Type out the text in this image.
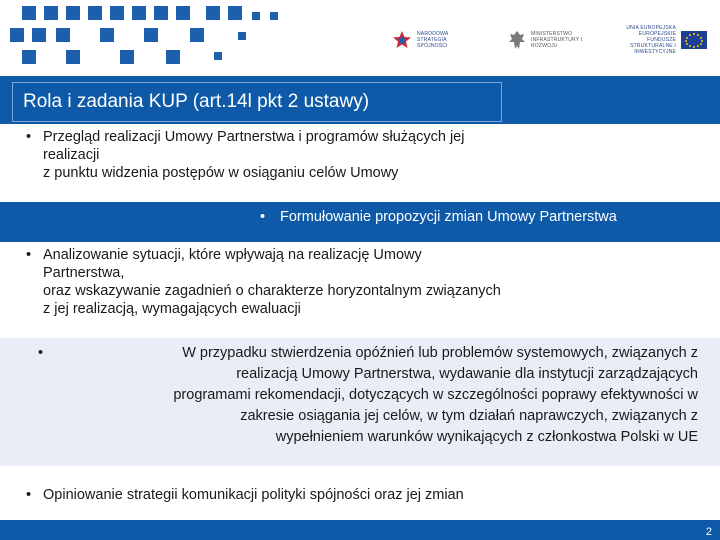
NARODOWA STRATEGIA SPÓJNOŚCI
MINISTERSTWO INFRASTRUKTURY I ROZWOJU
UNIA EUROPEJSKA EUROPEJSKIE FUNDUSZE STRUKTURALNE I INWESTYCYJNE
Rola i zadania KUP (art.14l pkt 2 ustawy)
• Przegląd realizacji Umowy Partnerstwa i programów służących jej
realizacji
z punktu widzenia postępów w osiąganiu celów Umowy
• Formułowanie propozycji zmian Umowy Partnerstwa
• Analizowanie sytuacji, które wpływają na realizację Umowy
Partnerstwa,
oraz wskazywanie zagadnień o charakterze horyzontalnym związanych
z jej realizacją, wymagających ewaluacji
•	W przypadku stwierdzenia opóźnień lub problemów systemowych, związanych z
realizacją Umowy Partnerstwa, wydawanie dla instytucji zarządzających
programami rekomendacji, dotyczących w szczególności poprawy efektywności w
zakresie osiągania jej celów, w tym działań naprawczych, związanych z
wypełnieniem warunków wynikających z członkostwa Polski w UE
• Opiniowanie strategii komunikacji polityki spójności oraz jej zmian
2
